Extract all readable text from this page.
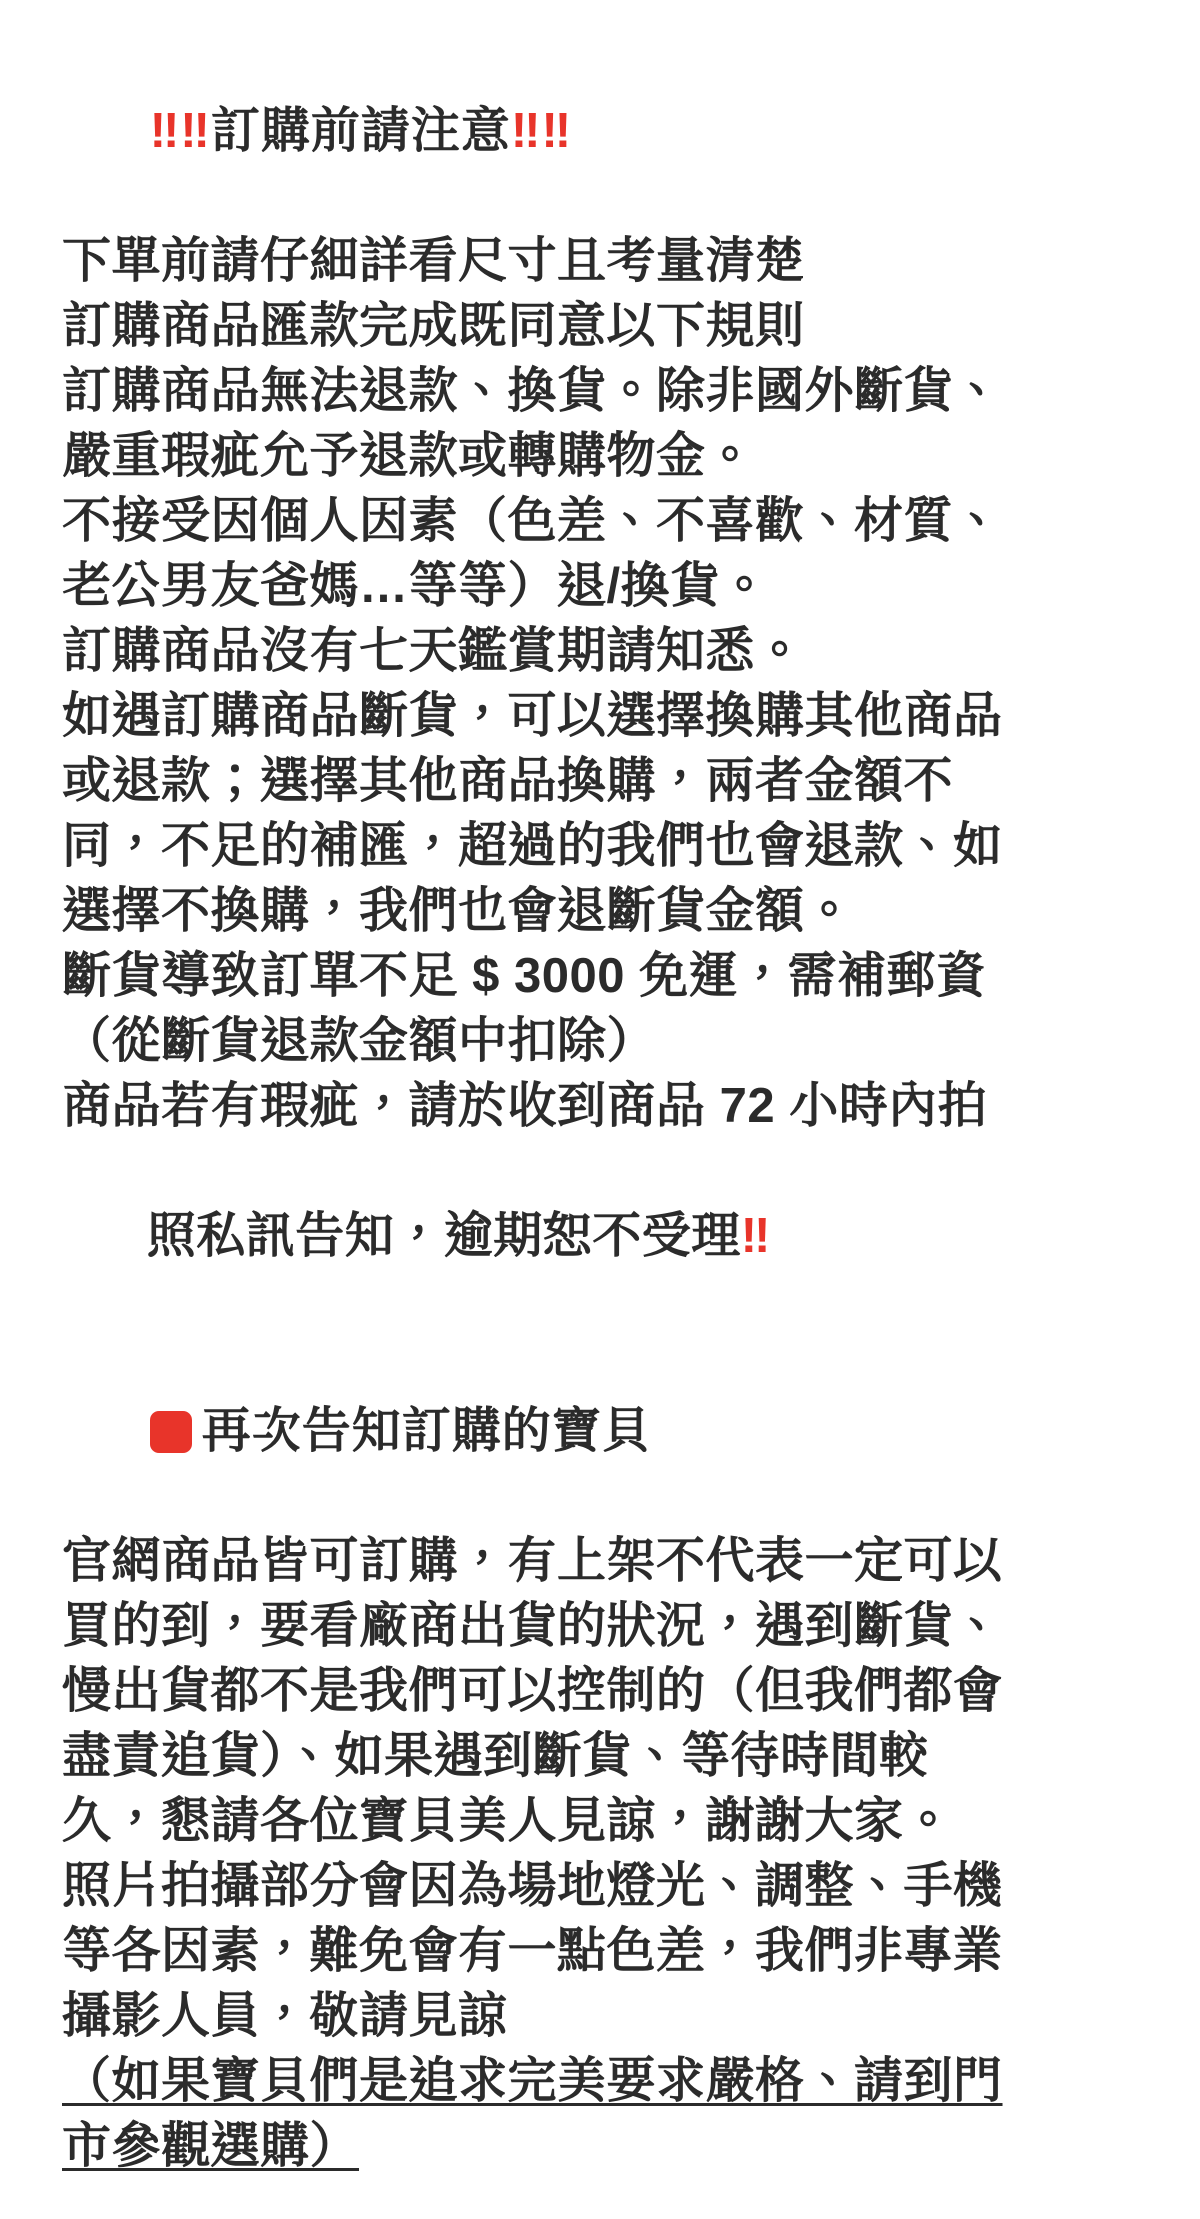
‼‼訂購前請注意‼‼

下單前請仔細詳看尺寸且考量清楚
訂購商品匯款完成既同意以下規則
訂購商品無法退款、換貨。除非國外斷貨、
嚴重瑕疵允予退款或轉購物金。
不接受因個人因素（色差、不喜歡、材質、
老公男友爸媽…等等）退/換貨。
訂購商品沒有七天鑑賞期請知悉。
如遇訂購商品斷貨，可以選擇換購其他商品
或退款；選擇其他商品換購，兩者金額不
同，不足的補匯，超過的我們也會退款、如
選擇不換購，我們也會退斷貨金額。
斷貨導致訂單不足 $ 3000 免運，需補郵資
（從斷貨退款金額中扣除）
商品若有瑕疵，請於收到商品 72 小時內拍

照私訊告知，逾期恕不受理‼

再次告知訂購的寶貝

官網商品皆可訂購，有上架不代表一定可以
買的到，要看廠商出貨的狀況，遇到斷貨、
慢出貨都不是我們可以控制的（但我們都會
盡責追貨）、如果遇到斷貨、等待時間較
久，懇請各位寶貝美人見諒，謝謝大家。
照片拍攝部分會因為場地燈光、調整、手機
等各因素，難免會有一點色差，我們非專業
攝影人員，敬請見諒
（如果寶貝們是追求完美要求嚴格、請到門
市參觀選購）
